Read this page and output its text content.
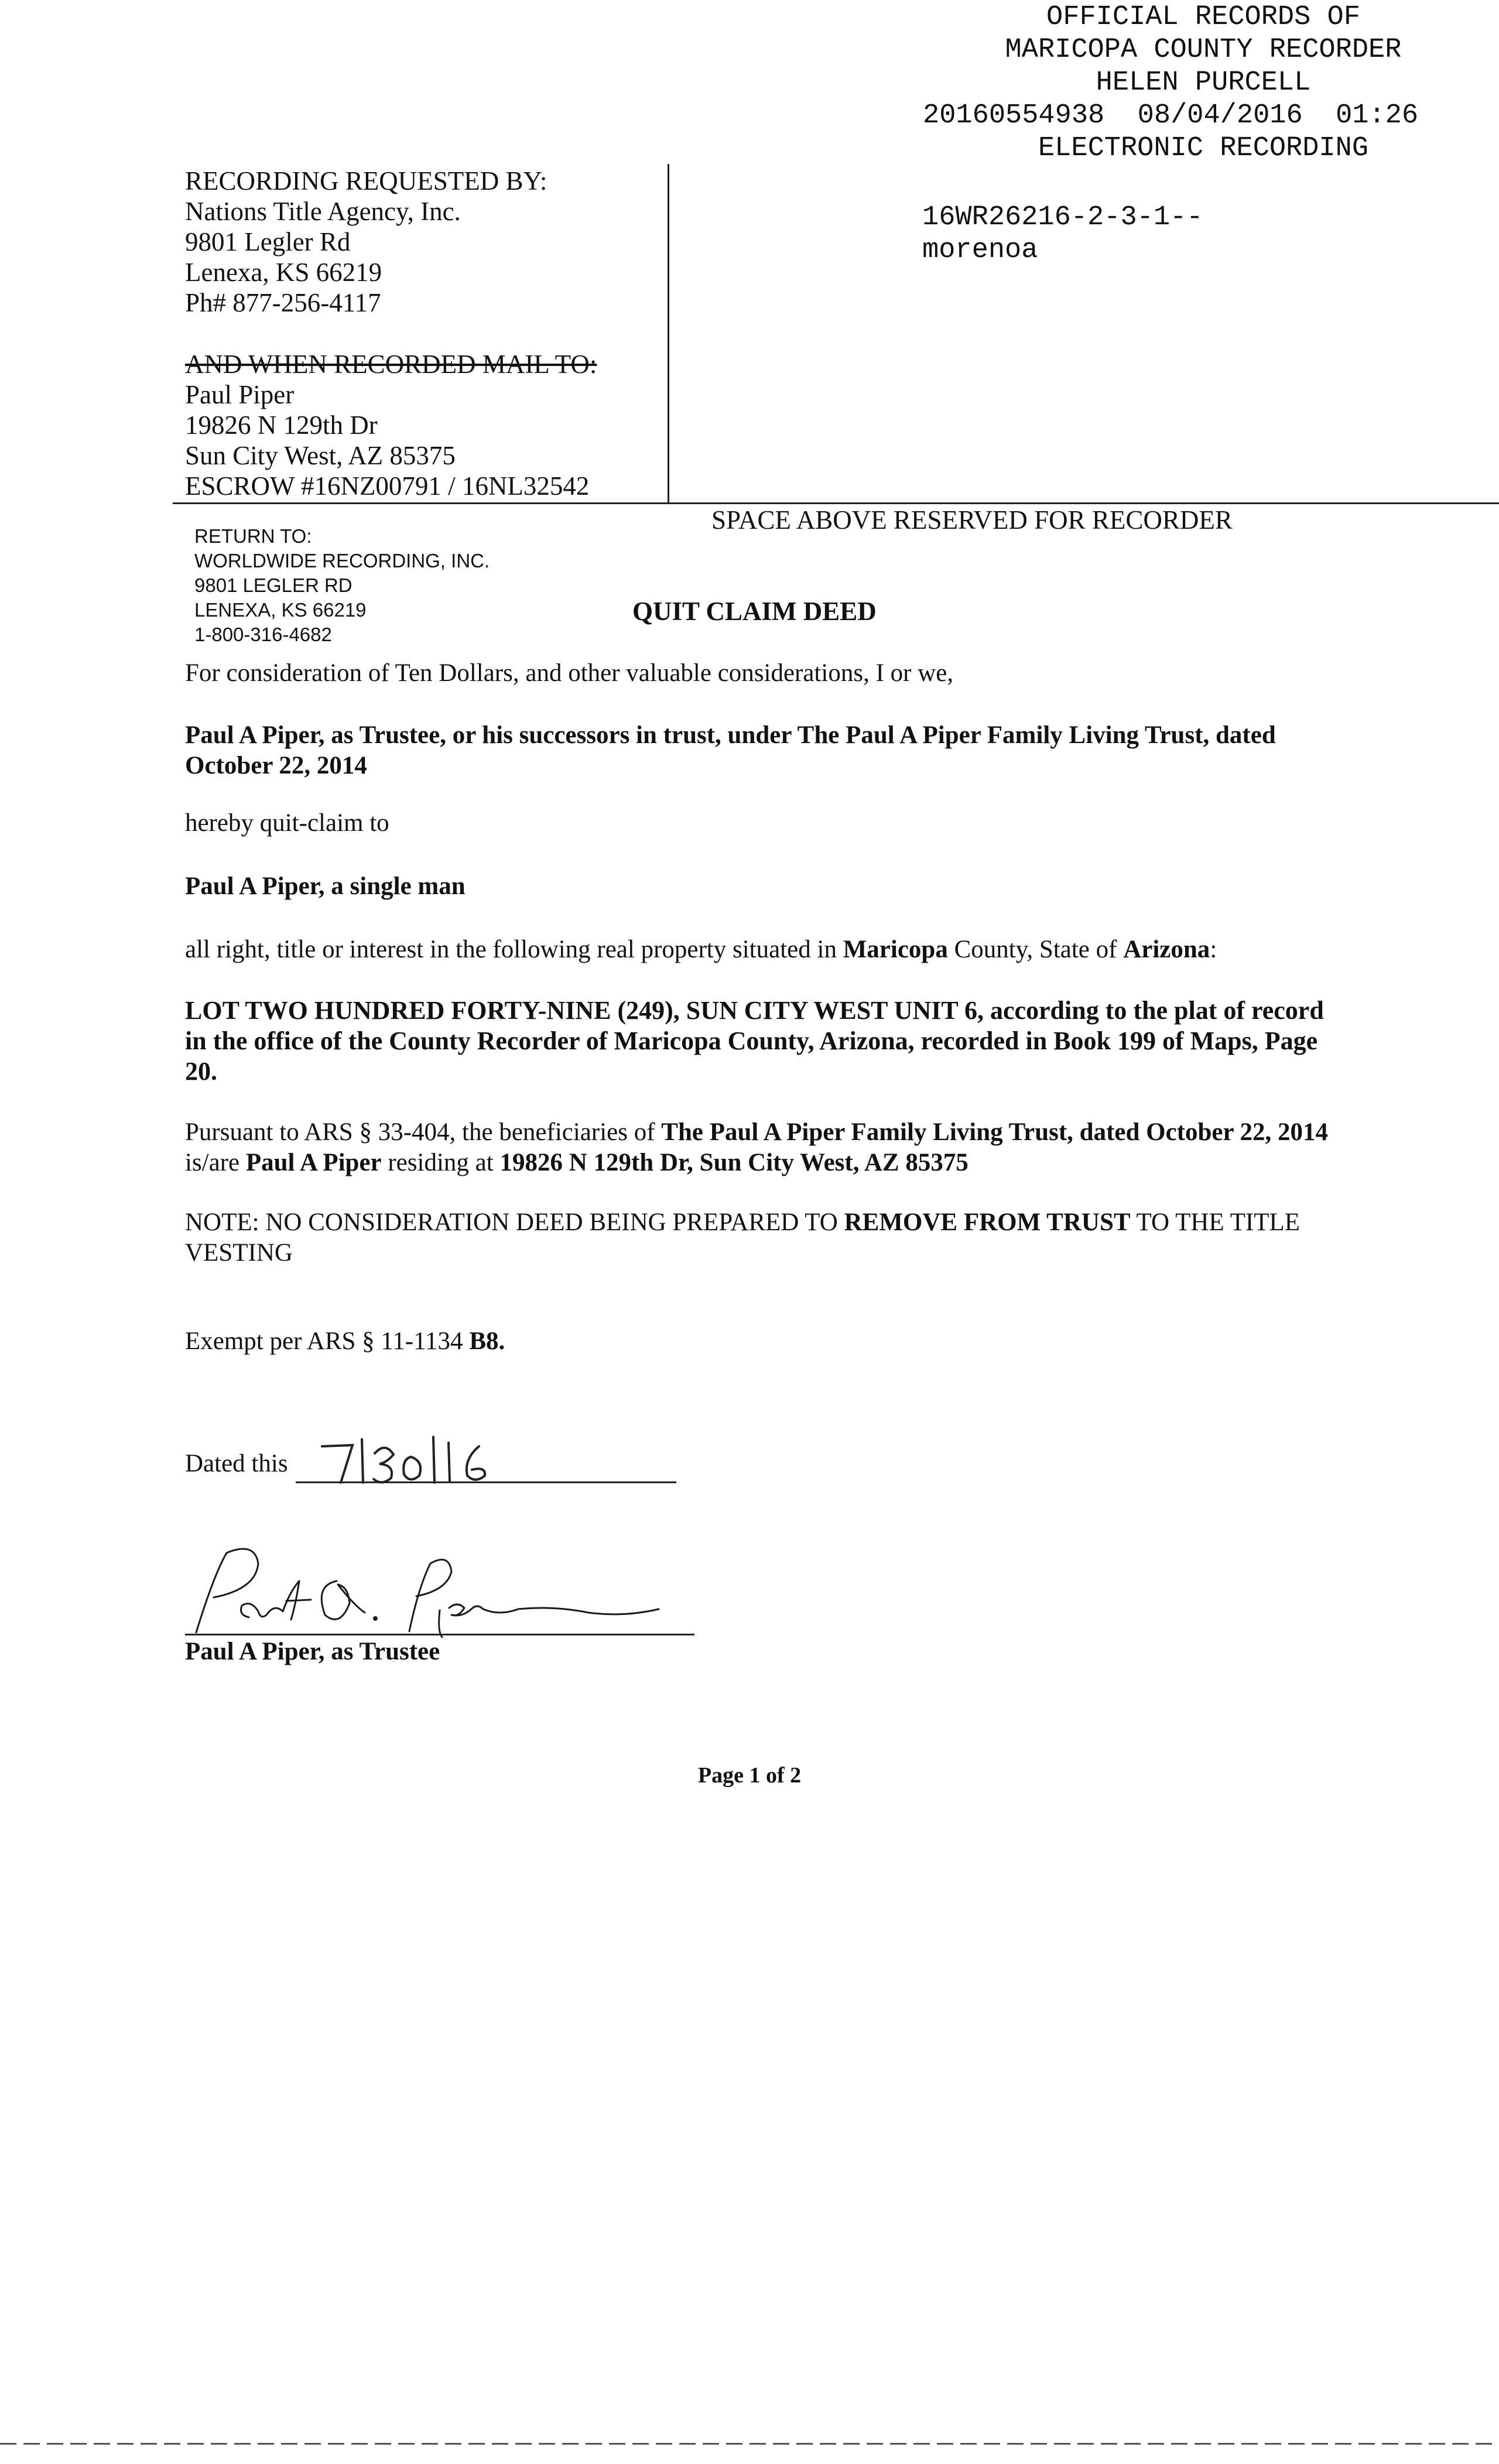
OFFICIAL RECORDS OF
MARICOPA COUNTY RECORDER
HELEN PURCELL
20160554938  08/04/2016  01:26
ELECTRONIC RECORDING
16WR26216-2-3-1--
morenoa
RECORDING REQUESTED BY:
Nations Title Agency, Inc.
9801 Legler Rd
Lenexa, KS 66219
Ph# 877-256-4117
AND WHEN RECORDED MAIL TO:
Paul Piper
19826 N 129th Dr
Sun City West, AZ 85375
ESCROW #16NZ00791 / 16NL32542
SPACE ABOVE RESERVED FOR RECORDER
RETURN TO:
WORLDWIDE RECORDING, INC.
9801 LEGLER RD
LENEXA, KS 66219
1-800-316-4682
QUIT CLAIM DEED
For consideration of Ten Dollars, and other valuable considerations, I or we,
Paul A Piper, as Trustee, or his successors in trust, under The Paul A Piper Family Living Trust, dated October 22, 2014
hereby quit-claim to
Paul A Piper, a single man
all right, title or interest in the following real property situated in Maricopa County, State of Arizona:
LOT TWO HUNDRED FORTY-NINE (249), SUN CITY WEST UNIT 6, according to the plat of record in the office of the County Recorder of Maricopa County, Arizona, recorded in Book 199 of Maps, Page 20.
Pursuant to ARS § 33-404, the beneficiaries of The Paul A Piper Family Living Trust, dated October 22, 2014 is/are Paul A Piper residing at 19826 N 129th Dr, Sun City West, AZ 85375
NOTE: NO CONSIDERATION DEED BEING PREPARED TO REMOVE FROM TRUST TO THE TITLE VESTING
Exempt per ARS § 11-1134 B8.
Dated this
Paul A Piper, as Trustee
Page 1 of 2
